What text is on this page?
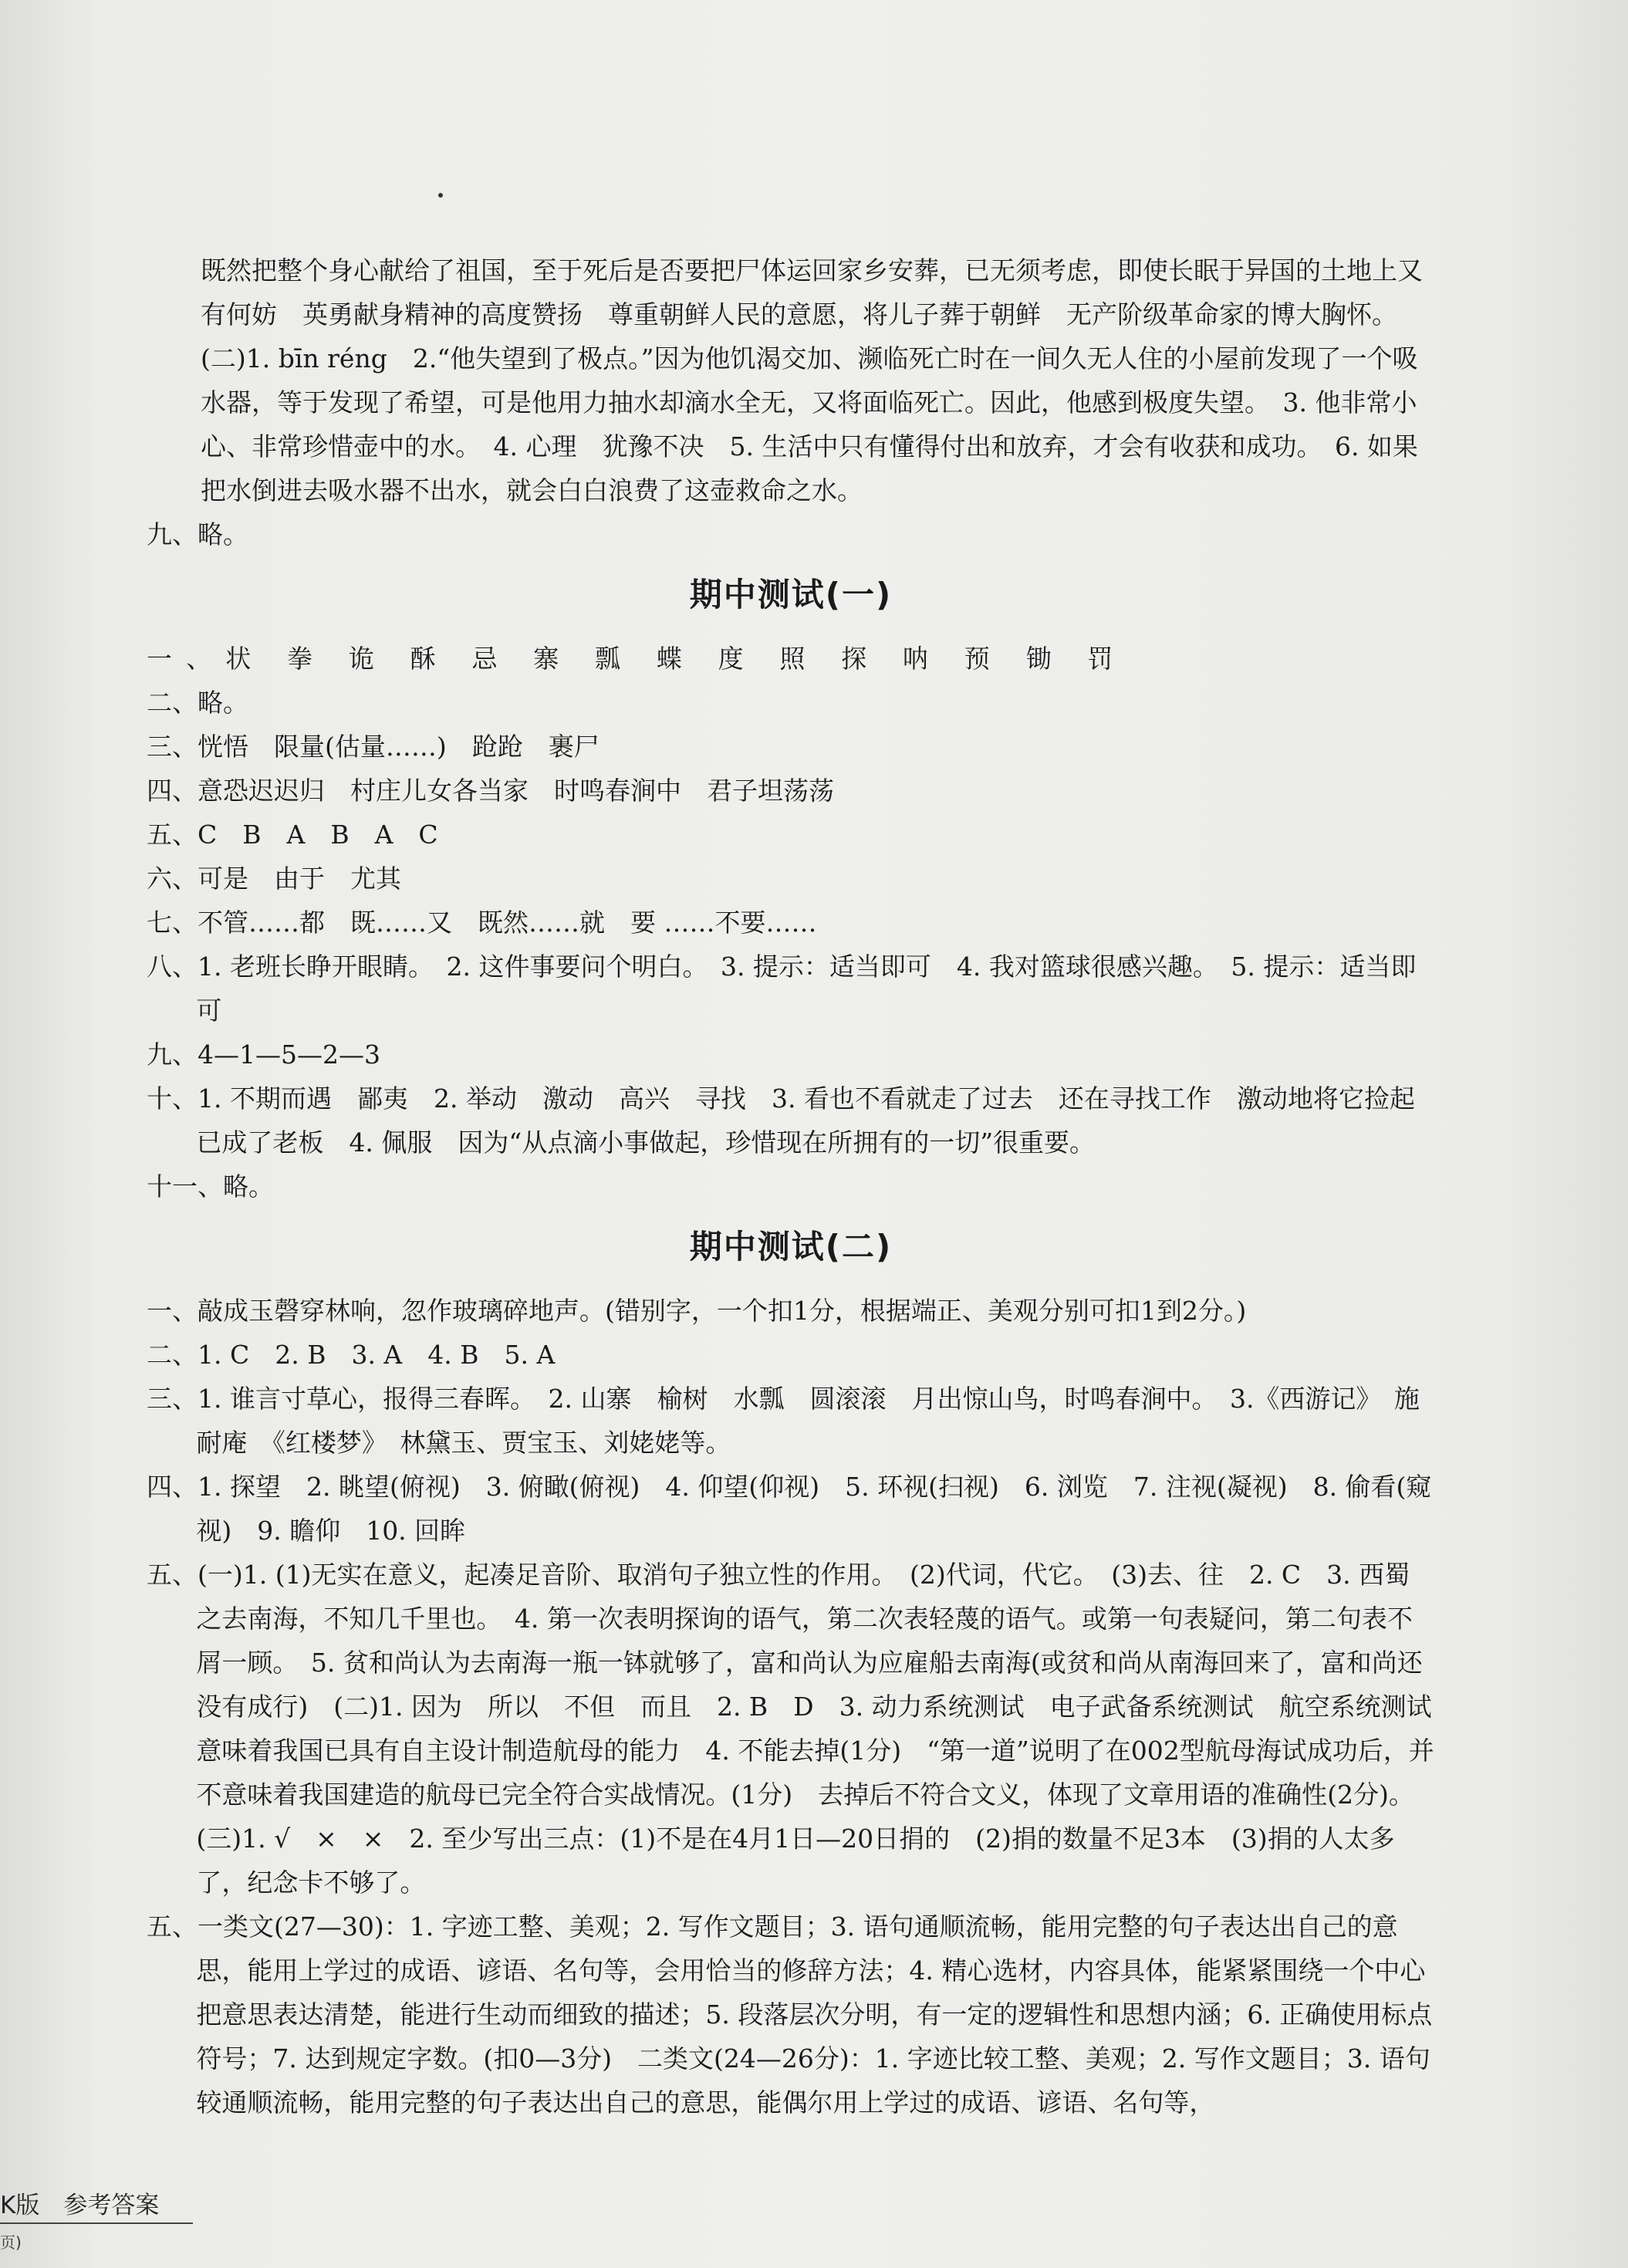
既然把整个身心献给了祖国，至于死后是否要把尸体运回家乡安葬，已无须考虑，即使长眠于异国的土地上又有何妨　英勇献身精神的高度赞扬　尊重朝鲜人民的意愿，将儿子葬于朝鲜　无产阶级革命家的博大胸怀。　(二)1. bīn réng　2.“他失望到了极点。”因为他饥渴交加、濒临死亡时在一间久无人住的小屋前发现了一个吸水器，等于发现了希望，可是他用力抽水却滴水全无，又将面临死亡。因此，他感到极度失望。　3. 他非常小心、非常珍惜壶中的水。　4. 心理　犹豫不决　5. 生活中只有懂得付出和放弃，才会有收获和成功。　6. 如果把水倒进去吸水器不出水，就会白白浪费了这壶救命之水。

九、略。

期中测试(一)

一、状 拳 诡 酥 忌 寨 瓢 蝶 度 照 探 呐 预 锄 罚

二、略。

三、恍悟　限量(估量……)　跄跄　裹尸

四、意恐迟迟归　村庄儿女各当家　时鸣春涧中　君子坦荡荡

五、C　B　A　B　A　C

六、可是　由于　尤其

七、不管……都　既……又　既然……就　要 ……不要……

八、1. 老班长睁开眼睛。　2. 这件事要问个明白。　3. 提示：适当即可　4. 我对篮球很感兴趣。　5. 提示：适当即可

九、4—1—5—2—3

十、1. 不期而遇　鄙夷　2. 举动　激动　高兴　寻找　3. 看也不看就走了过去　还在寻找工作　激动地将它捡起　已成了老板　4. 佩服　因为“从点滴小事做起，珍惜现在所拥有的一切”很重要。

十一、略。

期中测试(二)

一、敲成玉磬穿林响，忽作玻璃碎地声。(错别字，一个扣1分，根据端正、美观分别可扣1到2分。)

二、1. C　2. B　3. A　4. B　5. A

三、1. 谁言寸草心，报得三春晖。　2. 山寨　榆树　水瓢　圆滚滚　月出惊山鸟，时鸣春涧中。　3.《西游记》　施耐庵　《红楼梦》　林黛玉、贾宝玉、刘姥姥等。

四、1. 探望　2. 眺望(俯视)　3. 俯瞰(俯视)　4. 仰望(仰视)　5. 环视(扫视)　6. 浏览　7. 注视(凝视)　8. 偷看(窥视)　9. 瞻仰　10. 回眸

五、(一)1. (1)无实在意义，起凑足音阶、取消句子独立性的作用。　(2)代词，代它。　(3)去、往　2. C　3. 西蜀之去南海，不知几千里也。　4. 第一次表明探询的语气，第二次表轻蔑的语气。或第一句表疑问，第二句表不屑一顾。　5. 贫和尚认为去南海一瓶一钵就够了，富和尚认为应雇船去南海(或贫和尚从南海回来了，富和尚还没有成行)　(二)1. 因为　所以　不但　而且　2. B　D　3. 动力系统测试　电子武备系统测试　航空系统测试　意味着我国已具有自主设计制造航母的能力　4. 不能去掉(1分)　“第一道”说明了在002型航母海试成功后，并不意味着我国建造的航母已完全符合实战情况。(1分)　去掉后不符合文义，体现了文章用语的准确性(2分)。　(三)1. √　×　×　2. 至少写出三点：(1)不是在4月1日—20日捐的　(2)捐的数量不足3本　(3)捐的人太多了，纪念卡不够了。

五、一类文(27—30)：1. 字迹工整、美观；2. 写作文题目；3. 语句通顺流畅，能用完整的句子表达出自己的意思，能用上学过的成语、谚语、名句等，会用恰当的修辞方法；4. 精心选材，内容具体，能紧紧围绕一个中心把意思表达清楚，能进行生动而细致的描述；5. 段落层次分明，有一定的逻辑性和思想内涵；6. 正确使用标点符号；7. 达到规定字数。(扣0—3分)　二类文(24—26分)：1. 字迹比较工整、美观；2. 写作文题目；3. 语句较通顺流畅，能用完整的句子表达出自己的意思，能偶尔用上学过的成语、谚语、名句等，

K版　参考答案
页)
